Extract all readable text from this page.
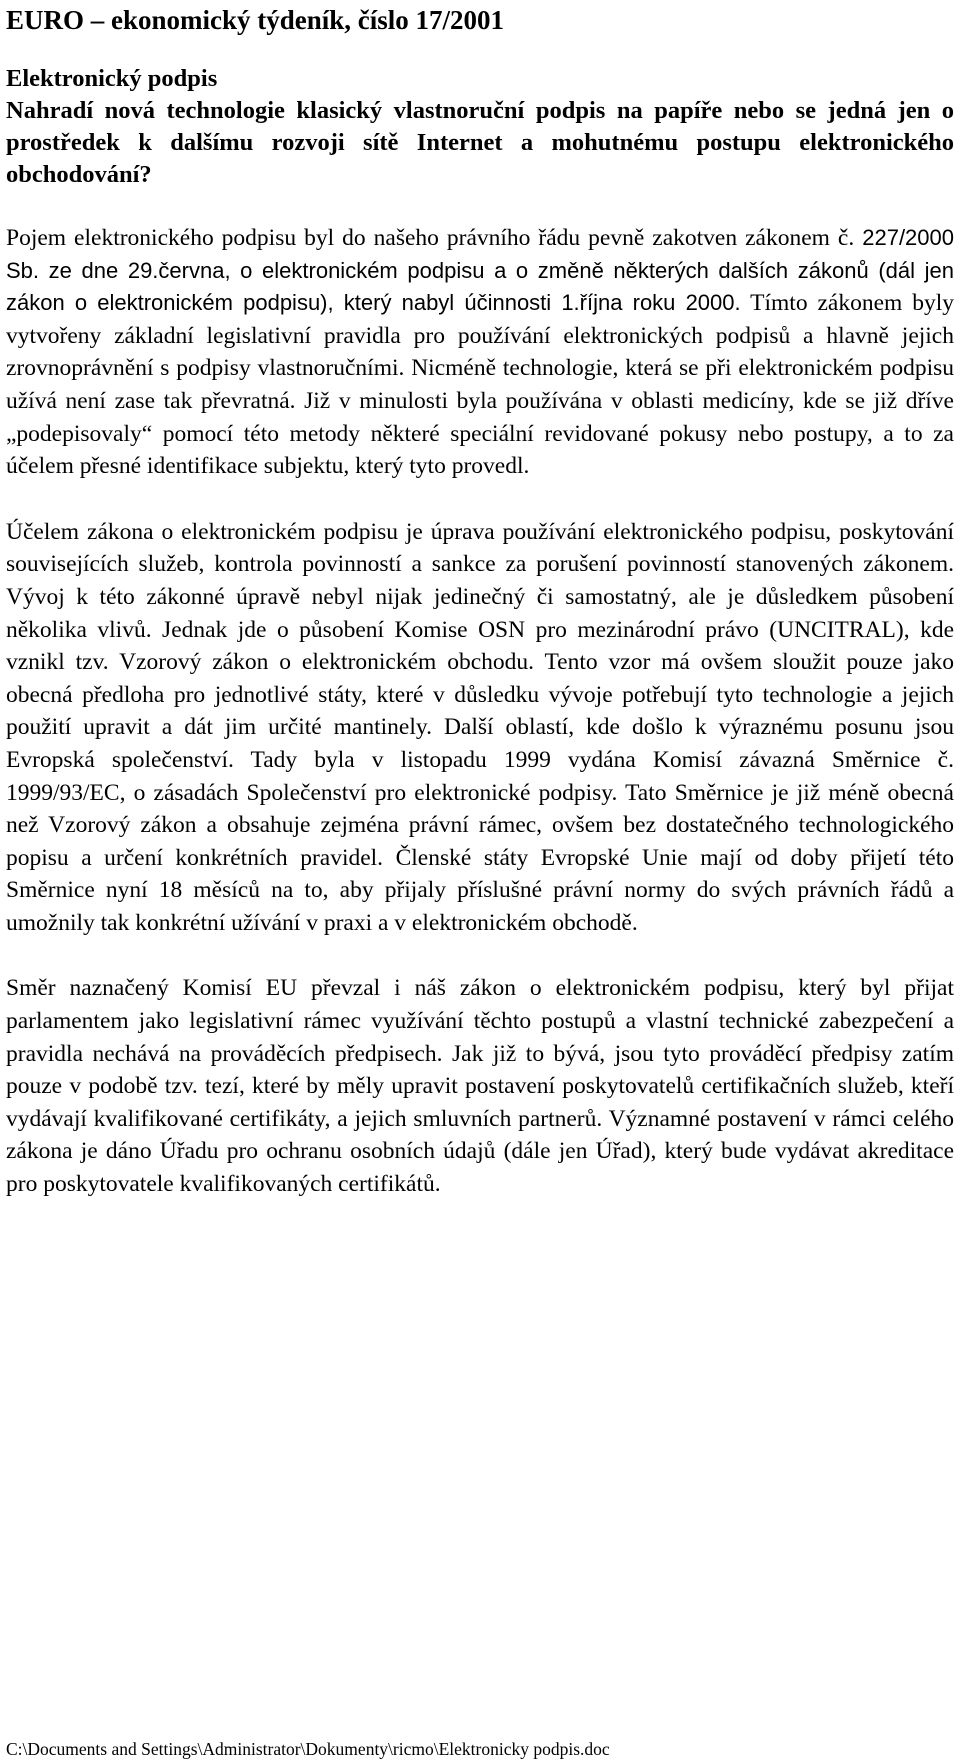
EURO – ekonomický týdeník, číslo 17/2001
Elektronický podpis
Nahradí nová technologie klasický vlastnoruční podpis na papíře nebo se jedná jen o prostředek k dalšímu rozvoji sítě Internet a mohutnému postupu elektronického obchodování?

Pojem elektronického podpisu byl do našeho právního řádu pevně zakotven zákonem č. 227/2000 Sb. ze dne 29.června, o elektronickém podpisu a o změně některých dalších zákonů (dál jen zákon o elektronickém podpisu), který nabyl účinnosti 1.října roku 2000. Tímto zákonem byly vytvořeny základní legislativní pravidla pro používání elektronických podpisů a hlavně jejich zrovnoprávnění s podpisy vlastnoručními. Nicméně technologie, která se při elektronickém podpisu užívá není zase tak převratná. Již v minulosti byla používána v oblasti medicíny, kde se již dříve „podepisovaly“ pomocí této metody některé speciální revidované pokusy nebo postupy, a to za účelem přesné identifikace subjektu, který tyto provedl.

Účelem zákona o elektronickém podpisu je úprava používání elektronického podpisu, poskytování souvisejících služeb, kontrola povinností a sankce za porušení povinností stanovených zákonem. Vývoj k této zákonné úpravě nebyl nijak jedinečný či samostatný, ale je důsledkem působení několika vlivů. Jednak jde o působení Komise OSN pro mezinárodní právo (UNCITRAL), kde vznikl tzv. Vzorový zákon o elektronickém obchodu. Tento vzor má ovšem sloužit pouze jako obecná předloha pro jednotlivé státy, které v důsledku vývoje potřebují tyto technologie a jejich použití upravit a dát jim určité mantinely. Další oblastí, kde došlo k výraznému posunu jsou Evropská společenství. Tady byla v listopadu 1999 vydána Komisí závazná Směrnice č. 1999/93/EC, o zásadách Společenství pro elektronické podpisy. Tato Směrnice je již méně obecná než Vzorový zákon a obsahuje zejména právní rámec, ovšem bez dostatečného technologického popisu a určení konkrétních pravidel. Členské státy Evropské Unie mají od doby přijetí této Směrnice nyní 18 měsíců na to, aby přijaly příslušné právní normy do svých právních řádů a umožnily tak konkrétní užívání v praxi a v elektronickém obchodě.

Směr naznačený Komisí EU převzal i náš zákon o elektronickém podpisu, který byl přijat parlamentem jako legislativní rámec využívání těchto postupů a vlastní technické zabezpečení a pravidla nechává na prováděcích předpisech. Jak již to bývá, jsou tyto prováděcí předpisy zatím pouze v podobě tzv. tezí, které by měly upravit postavení poskytovatelů certifikačních služeb, kteří vydávají kvalifikované certifikáty, a jejich smluvních partnerů. Významné postavení v rámci celého zákona je dáno Úřadu pro ochranu osobních údajů (dále jen Úřad), který bude vydávat akreditace pro poskytovatele kvalifikovaných certifikátů.

C:\Documents and Settings\Administrator\Dokumenty\ricmo\Elektronicky podpis.doc
